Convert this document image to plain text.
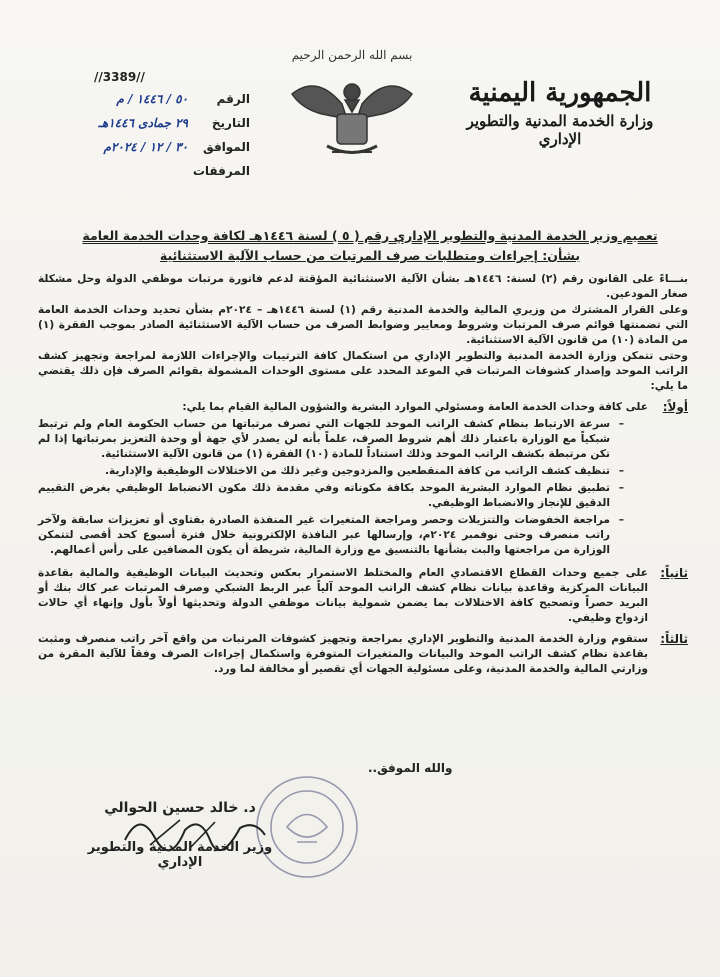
الجمهورية اليمنية
وزارة الخدمة المدنية والتطوير الإداري
بسم الله الرحمن الرحيم
//3389//
الرقم
٥٠ / ١٤٤٦ / م
التاريخ
٢٩ جمادى ١٤٤٦هـ
الموافق
٣٠ / ١٢ / ٢٠٢٤م
المرفقات
تعميم وزير الخدمة المدنية والتطوير الإداري رقم ( ٥ ) لسنة ١٤٤٦هـ لكافة وحدات الخدمة العامة
بشأن: إجراءات ومتطلبات صرف المرتبات من حساب الآلية الاستثنائية

بنـــاءً على القانون رقم (٢) لسنة: ١٤٤٦هـ بشأن الآلية الاستثنائية المؤقتة لدعم فاتورة مرتبات موظفي الدولة وحل مشكلة صغار المودعين.

وعلى القرار المشترك من وزيري المالية والخدمة المدنية رقم (١) لسنة ١٤٤٦هـ – ٢٠٢٤م بشأن تحديد وحدات الخدمة العامة التي تضمنتها قوائم صرف المرتبات وشروط ومعايير وضوابط الصرف من حساب الآلية الاستثنائية الصادر بموجب الفقرة (١) من المادة (١٠) من قانون الآلية الاستثنائية.

وحتى تتمكن وزارة الخدمة المدنية والتطوير الإداري من استكمال كافة الترتيبات والإجراءات اللازمة لمراجعة وتجهيز كشف الراتب الموحد وإصدار كشوفات المرتبات في الموعد المحدد على مستوى الوحدات المشمولة بقوائم الصرف فإن ذلك يقتضي ما يلي:

أولاً:
على كافة وحدات الخدمة العامة ومسئولي الموارد البشرية والشؤون المالية القيام بما يلي:
– سرعة الارتباط بنظام كشف الراتب الموحد للجهات التي تصرف مرتباتها من حساب الحكومة العام ولم ترتبط شبكياً مع الوزارة باعتبار ذلك أهم شروط الصرف، علماً بأنه لن يصدر لأي جهة أو وحدة التعزيز بمرتباتها إذا لم تكن مرتبطة بكشف الراتب الموحد وذلك استناداً للمادة (١٠) الفقرة (١) من قانون الآلية الاستثنائية.
– تنظيف كشف الراتب من كافة المنقطعين والمزدوجين وغير ذلك من الاختلالات الوظيفية والإدارية.
– تطبيق نظام الموارد البشرية الموحد بكافة مكوناته وفي مقدمة ذلك مكون الانضباط الوظيفي بغرض التقييم الدقيق للإنجاز والانضباط الوظيفي.
– مراجعة الخفوضات والتنزيلات وحصر ومراجعة المتغيرات غير المنفذة الصادرة بفتاوى أو تعزيزات سابقة ولآخر راتب منصرف وحتى نوفمبر ٢٠٢٤م، وإرسالها عبر النافذة الإلكترونية خلال فترة أسبوع كحد أقصى لتتمكن الوزارة من مراجعتها والبت بشأنها بالتنسيق مع وزارة المالية، شريطة أن يكون المضافين على رأس أعمالهم.
ثانياً:
على جميع وحدات القطاع الاقتصادي العام والمختلط الاستمرار بعكس وتحديث البيانات الوظيفية والمالية بقاعدة البيانات المركزية وقاعدة بيانات نظام كشف الراتب الموحد آلياً عبر الربط الشبكي وصرف المرتبات عبر كاك بنك أو البريد حصراً وتصحيح كافة الاختلالات بما يضمن شمولية بيانات موظفي الدولة وتحديثها أولاً بأول وإنهاء أي حالات ازدواج وظيفي.
ثالثاً:
ستقوم وزارة الخدمة المدنية والتطوير الإداري بمراجعة وتجهيز كشوفات المرتبات من واقع آخر راتب منصرف ومثبت بقاعدة نظام كشف الراتب الموحد والبيانات والمتغيرات المتوفرة واستكمال إجراءات الصرف وفقاً للآلية المقرة من وزارتي المالية والخدمة المدنية، وعلى مسئولية الجهات أي تقصير أو مخالفة لما ورد.
والله الموفق..
د. خالد حسين الحوالي
وزير الخدمة المدنية والتطوير الإداري
